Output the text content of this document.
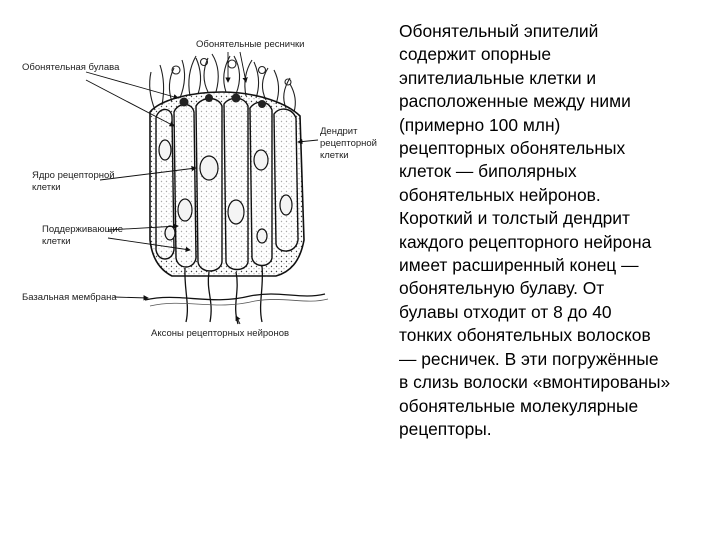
Обонятельные реснички
Обонятельная булава
Дендрит
рецепторной
клетки
Ядро рецепторной
клетки
Поддерживающие
клетки
Базальная мембрана
Аксоны рецепторных нейронов
Обонятельный эпителий
содержит опорные
эпителиальные клетки и
расположенные между ними
(примерно 100 млн)
рецепторных обонятельных
клеток — биполярных
обонятельных нейронов.
Короткий и толстый дендрит
каждого рецепторного нейрона
имеет расширенный конец —
обонятельную булаву. От
булавы отходит от 8 до 40
тонких обонятельных волосков
— ресничек. В эти погружённые
в слизь волоски «вмонтированы»
обонятельные молекулярные
рецепторы.
